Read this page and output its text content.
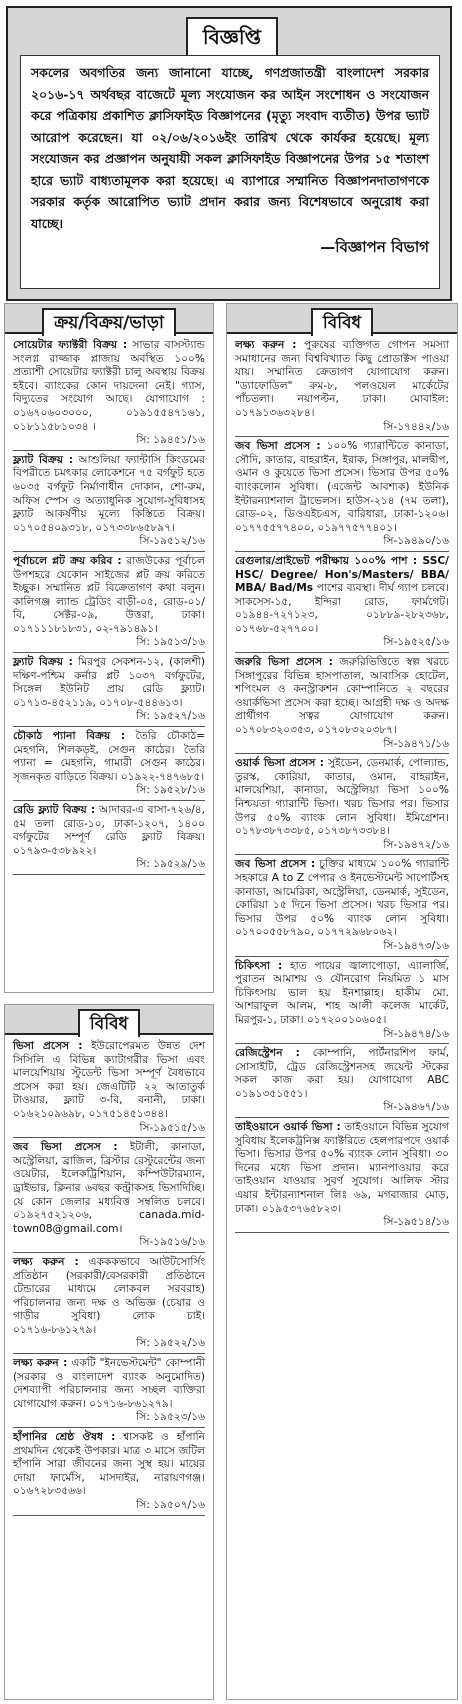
বিজ্ঞপ্তি

সকলের অবগতির জন্য জানানো যাচ্ছে, গণপ্রজাতন্ত্রী বাংলাদেশ সরকার ২০১৬-১৭ অর্থবছর বাজেটে মূল্য সংযোজন কর আইন সংশোধন ও সংযোজন করে পত্রিকায় প্রকাশিত ক্লাসিফাইড বিজ্ঞাপনের (মৃত্যু সংবাদ ব্যতীত) উপর ভ্যাট আরোপ করেছেন। যা ০২/০৬/২০১৬ইং তারিখ থেকে কার্যকর হয়েছে। মূল্য সংযোজন কর প্রজ্ঞাপন অনুযায়ী সকল ক্লাসিফাইড বিজ্ঞাপনের উপর ১৫ শতাংশ হারে ভ্যাট বাধ্যতামূলক করা হয়েছে। এ ব্যাপারে সম্মানিত বিজ্ঞাপনদাতাগণকে সরকার কর্তৃক আরোপিত ভ্যাট প্রদান করার জন্য বিশেষভাবে অনুরোধ করা যাচ্ছে।

—বিজ্ঞাপন বিভাগ

ক্রয়/বিক্রয়/ভাড়া
সোয়েটার ফ্যাক্টরী বিক্রয় : সাভার বাসস্ট্যান্ড সংলগ্ন রাজ্জাক প্লাজায় অবস্থিত ১০০% প্রত্যাশী সোয়েটার ফ্যাক্টরী চালু অবস্থায় বিক্রয় হইবে। ব্যাংকের কোন দায়দেনা নেই। গ্যাস, বিদ্যুতের সংযোগ আছে। যোগাযোগ : ০১৬৭০৬০৩০০০, ০১৯১৫৫৪৭১৬১, ০১৮১১৫৮১০৩৪ ।
সি: ১৯৪৫১/১৬
ফ্ল্যাট বিক্রয় : আশুলিয়া ফ্যান্টাসি কিংডমের বিপরীতে চমৎকার লোকেশনে ৭৫ বর্গফুট হতে ৬০৩৫ বর্গফুট নির্মাণাধীন দোকান, শো-রুম, অফিস স্পেস ও অত্যাধুনিক সুযোগ-সুবিধাসহ ফ্ল্যাট আকর্ষণীয় মূল্যে কিস্তিতে বিক্রয়। ০১৭০৫৪০৯৩১৮, ০১৭৩৩৮৬৫৮৯৭।
সি-১৯৫১২/১৬
পূর্বাচলে প্লট ক্রয় করিব : রাজউকের পূর্বাচল উপশহরে যেকোন সাইজের প্লট ক্রয় করিতে ইচ্ছুক। সম্মানিত প্লট বিক্রেতাগণ কথা বলুন। কালিগঞ্জ ল্যান্ড ট্রেডিং বাড়ী-০৫, রোড-০১/বি, সেক্টর-০৯, উত্তরা, ঢাকা। ০১৭১১১৮১৮৩১, ০২-৭৯১৪৯১।
সি: ১৯৫১৩/১৬
ফ্ল্যাট বিক্রয় : মিরপুর সেকশন-১২, (কালশী) দক্ষিণ-পশ্চিম কর্নার প্লট ১০৩৭ বর্গফুটের, সিঙ্গেল ইউনিট প্রায় রেডি ফ্ল্যাট। ০১৭১৩-৪৫২১১৯, ০১৭০৮-৫৪৪৬১৩।
সি: ১৯৫২৭/১৬
চৌকাঠ প্যানা বিক্রয় : তৈরি চৌকাঠ= মেহগনি, শিলকড়ই, সেগুন কাঠের। তৈরি প্যানা = মেহগনি, গামারী সেগুন কাঠের। সৃজনকৃত বাড়িতে বিক্রয়। ০১৯২২-৭৪৭৬৮৫।
সি: ১৯৫২৮/১৬
রেডি ফ্ল্যাট বিক্রয় : আদাবর-এ বাসা-৭২৬/৪, ৫ম তলা রোড-১০, ঢাকা-১২০৭, ১৪০০ বর্গফুটের সম্পূর্ণ রেডি ফ্ল্যাট বিক্রয়। ০১৭৯৩-৫৩৮৯২২।
সি: ১৯৫২৯/১৬
বিবিধ
ভিসা প্রসেস : ইউরোপেরমত উন্নত দেশ সিসিলি এ বিভিন্ন ক্যাটাগরীর ভিসা এবং মালয়েশিয়ায় স্টুডেন্ট ভিসা সম্পূর্ণ বৈধভাবে প্রসেস করা হয়। জেএটিটি ২২ আতাতুর্ক টাওয়ার, ফ্ল্যাট ৩-বি, বনানী, ঢাকা। ০১৬২১০৯৬৯৮, ০১৭৫১৪৫১৩৪৪।
সি-১৯৫১৫/১৬
জব ভিসা প্রসেস : ইটালী, কানাডা, অস্ট্রেলিয়া, ব্রাজিল, ব্রিস্টার রেস্টুরেন্টের জন্য ওয়েটার, ইলেকট্রিশিয়ান, কম্পিউটারম্যান, ড্রাইভার, ক্লিনার ৬বছর কন্ট্রাকসহ ভিসাদিচ্ছি। যে কোন জেলার মধ্যবিত্ত সম্বলিত চলবে। ০১৯২৭৫২১২০৬, canada.mid-town08@gmail.com।
সি-১৯৫১৬/১৬
লক্ষ্য করুন : একককভাবে আউটসোর্সিং প্রতিষ্ঠান (সরকারী/বেসরকারী প্রতিষ্ঠানে টেন্ডারের মাধ্যমে লোকবল সরবরাহ) পরিচালনার জন্য দক্ষ ও অভিজ্ঞ (চেয়ার ও গাড়ীর সুবিধা) লোক চাই। ০১৭১৬-৮৬১২৭৯।
সি: ১৯৫২২/১৬
লক্ষ্য করুন : একটি "ইনভেস্টমেন্ট" কোম্পানী (সরকার ও বাংলাদেশ ব্যাংক অনুমোদিত) দেশব্যাপী পরিচালনার জন্য সচ্ছল ব্যক্তিরা যোগাযোগ করুন। ০১৭১৬-৮৬১২৭৯।
সি: ১৯৫২৩/১৬
হাঁপানির শ্রেষ্ঠ ঔষধ : শ্বাসকষ্ট ও হাঁপানি প্রথমদিন থেকেই উপকার। মাত্র ৩ মাসে জটিল হাঁপানি সারা জীবনের জন্য সুস্থ হয়। মায়ের দোয়া ফার্মেসি, মাসদাইর, নারায়ণগঞ্জ। ০১৬৭২৮৩৫৬৬।
সি: ১৯৫০৭/১৬
বিবিধ
লক্ষ্য করুন : পুরুষের ব্যক্তিগত গোপন সমস্যা সমাধানের জন্য বিশ্ববিখ্যাত কিছু প্রোডাক্টস পাওয়া যায়। সম্মানিত ক্রেতাগণ যোগাযোগ করুন। "ড্যাফোডিল" রুম-৮, পলওয়েল মার্কেটের পাঁচতলা। নয়াপল্টন, ঢাকা। মোবাইল: ০১৭৯১৩৬৩২৮৪।
সি-১৭৪৪২/১৬
জব ভিসা প্রসেস : ১০০% গ্যারান্টিতে কানাডা, সৌদি, কাতার, বাহরাইন, ইরাক, সিঙ্গাপুর, মালদ্বীপ, ওমান ও কুয়েতে ভিসা প্রসেস। ভিসার উপর ৫০% ব্যাংকলোন সুবিধা। (এজেন্ট আবশ্যক) ইউনিক ইন্টারন্যাশনাল ট্রাভেলস। হাউস-২১৪ (৭ম তলা), রোড-০২, ডিওএইচএস, বারিধারা, ঢাকা-১২০৬। ০১৭৭৫৫৭৭৪০০, ০১৯৭৭৫৭৭৪০১।
সি-১৯৪৯০/১৬
রেগুলার/প্রাইভেট পরীক্ষায় ১০০% পাশ : SSC/ HSC/ Degree/ Hon's/Masters/ BBA/ MBA/ Bad/Ms পাশের ব্যবস্থা। দীর্ঘ গ্যাপ চলবে। সাকসেস-১৫, ইন্দিরা রোড, ফার্মগেট। ০১৯৪৪-৭২৭১২৩, ০১৮৮৯-২৮২৩৬৮, ০১৭৬৮-৫২৭৭০০।
সি-১৯৫২৫/১৬
জরুরি ভিসা প্রসেস : জরুরিভিত্তিতে স্বল্প খরচে সিঙ্গাপুরের বিভিন্ন হাসপাতাল, আবাসিক হোটেল, শপিংমল ও কনস্ট্রাকশন কোম্পানিতে ২ বছরের ওয়ার্কভিসা প্রসেস করা হচ্ছে। আগ্রহী দক্ষ ও অদক্ষ প্রার্থীগণ সত্বর যোগাযোগ করুন। ০১৭০৮৩২০৩৫৩, ০১৭০৮৩২০৩৮৭।
সি-১৯৪৭১/১৬
ওয়ার্ক ভিসা প্রসেস : সুইডেন, ডেনমার্ক, পোল্যান্ড, তুরস্ক, কোরিয়া, কাতার, ওমান, বাহরাইন, মালয়েশিয়া, কানাডা, অস্ট্রেলিয়া ভিসা ১০০% নিশ্চয়তা গ্যারান্টি ভিসা। খরচ ভিসার পর। ভিসার উপর ৫০% ব্যাংক লোন সুবিধা। ইমিগ্রেশন। ০১৭৮৩৮৭৩৩৮৫, ০১৭৩৮৭৩৩৮৪।
সি-১৯৪৭২/১৬
জব ভিসা প্রসেস : চুক্তির মাধ্যমে ১০০% গ্যারান্টি সহকারে A to Z পেপার ও ইনভেস্টমেন্ট সাপোর্টসহ কানাডা, আমেরিকা, অস্ট্রেলিয়া, ডেনমার্ক, সুইডেন, কোরিয়া ১৫ দিনে ভিসা প্রসেস। খরচ ভিসার পর। ভিসার উপর ৫০% ব্যাংক লোন সুবিধা। ০১৭০০৫৫৮৭৯০, ০১৭৭২৯৬৮০৬২।
সি-১৯৪৭৩/১৬
চিকিৎসা : হাত পায়ের জ্বালাপোড়া, এ্যালার্জি, পুরাতন আমাশয় ও যৌনরোগ নিয়মিত ১ মাস চিকিৎসায় ভাল হয় ইনশাল্লাহ। হাকীম মো. আশরাফুল আলম, শাহ আলী কলেজ মার্কেট, মিরপুর-১, ঢাকা। ০১৭২০০১০৬০৫।
সি-১৯৪৭৪/১৬
রেজিস্ট্রেশন : কোম্পানি, পার্টনারশিপ ফার্ম, সোসাইটি, ট্রেড রেজিস্ট্রেশনসহ জয়েন্ট স্টকের সকল কাজ করা হয়। যোগাযোগ ABC ০১৯১৩৫১৫৫১।
সি-১৯৪৬৭/১৬
তাইওয়ানে ওয়ার্ক ভিসা : তাইওয়ানে বিভিন্ন সুযোগ সুবিধায় ইলেকট্রনিক্স ফ্যাক্টরিতে হেলপারপদে ওয়ার্ক ভিসা। ভিসার উপর ৫০% ব্যাংক লোন সুবিধা। ৩০ দিনের মধ্যে ভিসা প্রদান। ম্যানপাওয়ার করে তাইওয়ান যাওয়ার সুবর্ণ সুযোগ। আলিফ স্টার এয়ার ইন্টারন্যাশনাল লিঃ ৬৯, মগবাজার মোড়, ঢাকা। ০১৯৫৩৭৬৫৮২৩।
সি-১৯৫১৪/১৬
